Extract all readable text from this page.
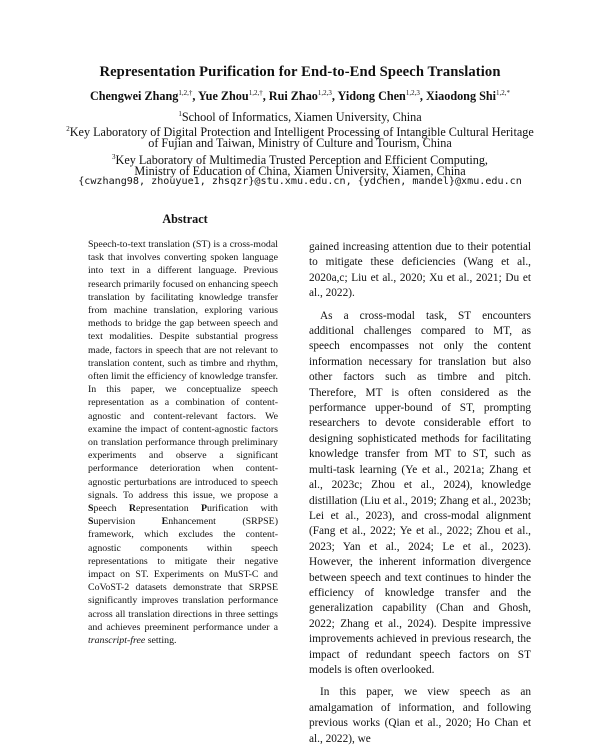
Representation Purification for End-to-End Speech Translation
Chengwei Zhang$^{1,2,\dagger}$, Yue Zhou$^{1,2,\dagger}$, Rui Zhao$^{1,2,3}$, Yidong Chen$^{1,2,3}$, Xiaodong Shi$^{1,2,*}$
$^1$School of Informatics, Xiamen University, China
$^2$Key Laboratory of Digital Protection and Intelligent Processing of Intangible Cultural Heritage
of Fujian and Taiwan, Ministry of Culture and Tourism, China
$^3$Key Laboratory of Multimedia Trusted Perception and Efficient Computing,
Ministry of Education of China, Xiamen University, Xiamen, China
{cwzhang98, zhouyue1, zhsqzr}@stu.xmu.edu.cn, {ydchen, mandel}@xmu.edu.cn
Abstract

Speech-to-text translation (ST) is a cross-modal task that involves converting spoken language into text in a different language. Previous research primarily focused on enhancing speech translation by facilitating knowledge transfer from machine translation, exploring various methods to bridge the gap between speech and text modalities. Despite substantial progress made, factors in speech that are not relevant to translation content, such as timbre and rhythm, often limit the efficiency of knowledge transfer. In this paper, we conceptualize speech representation as a combination of content-agnostic and content-relevant factors. We examine the impact of content-agnostic factors on translation performance through preliminary experiments and observe a significant performance deterioration when content-agnostic perturbations are introduced to speech signals. To address this issue, we propose a Speech Representation Purification with Supervision Enhancement (SRPSE) framework, which excludes the content-agnostic components within speech representations to mitigate their negative impact on ST. Experiments on MuST-C and CoVoST-2 datasets demonstrate that SRPSE significantly improves translation performance across all translation directions in three settings and achieves preeminent performance under a transcript-free setting.

gained increasing attention due to their potential to mitigate these deficiencies (Wang et al., 2020a,c; Liu et al., 2020; Xu et al., 2021; Du et al., 2022).

As a cross-modal task, ST encounters additional challenges compared to MT, as speech encompasses not only the content information necessary for translation but also other factors such as timbre and pitch. Therefore, MT is often considered as the performance upper-bound of ST, prompting researchers to devote considerable effort to designing sophisticated methods for facilitating knowledge transfer from MT to ST, such as multi-task learning (Ye et al., 2021a; Zhang et al., 2023c; Zhou et al., 2024), knowledge distillation (Liu et al., 2019; Zhang et al., 2023b; Lei et al., 2023), and cross-modal alignment (Fang et al., 2022; Ye et al., 2022; Zhou et al., 2023; Yan et al., 2024; Le et al., 2023). However, the inherent information divergence between speech and text continues to hinder the efficiency of knowledge transfer and the generalization capability (Chan and Ghosh, 2022; Zhang et al., 2024). Despite impressive improvements achieved in previous research, the impact of redundant speech factors on ST models is often overlooked.

In this paper, we view speech as an amalgamation of information, and following previous works (Qian et al., 2020; Ho Chan et al., 2022), we
